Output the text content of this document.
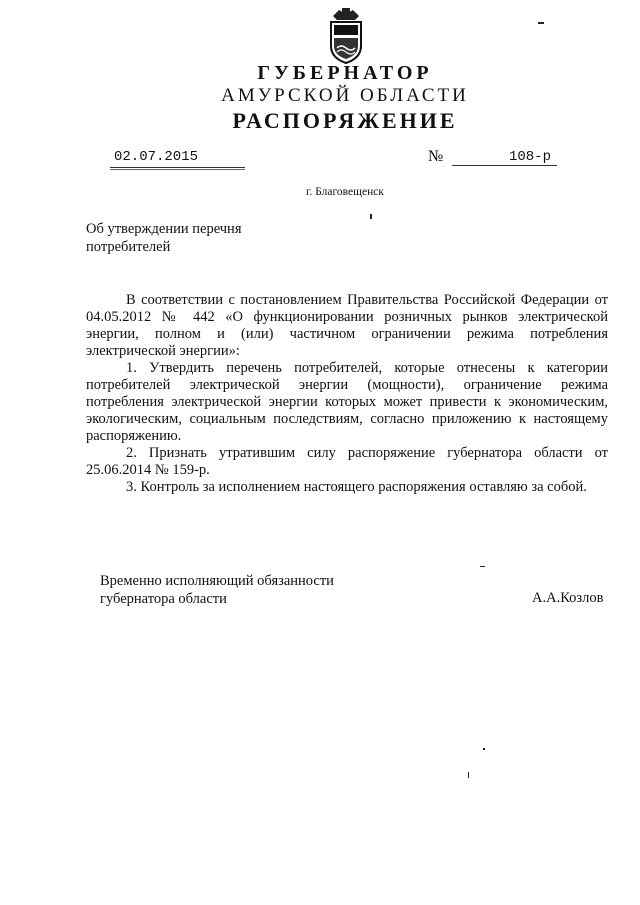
ГУБЕРНАТОР
АМУРСКОЙ ОБЛАСТИ
РАСПОРЯЖЕНИЕ
02.07.2015	№	108-р
г. Благовещенск
Об утверждении перечня
потребителей

В соответствии с постановлением Правительства Российской Федерации от 04.05.2012 № 442 «О функционировании розничных рынков электрической энергии, полном и (или) частичном ограничении режима потребления электрической энергии»:

1. Утвердить перечень потребителей, которые отнесены к категории потребителей электрической энергии (мощности), ограничение режима потребления электрической энергии которых может привести к экономическим, экологическим, социальным последствиям, согласно приложению к настоящему распоряжению.

2. Признать утратившим силу распоряжение губернатора области от 25.06.2014 № 159-р.

3. Контроль за исполнением настоящего распоряжения оставляю за собой.

Временно исполняющий обязанности
губернатора области	А.А.Козлов
